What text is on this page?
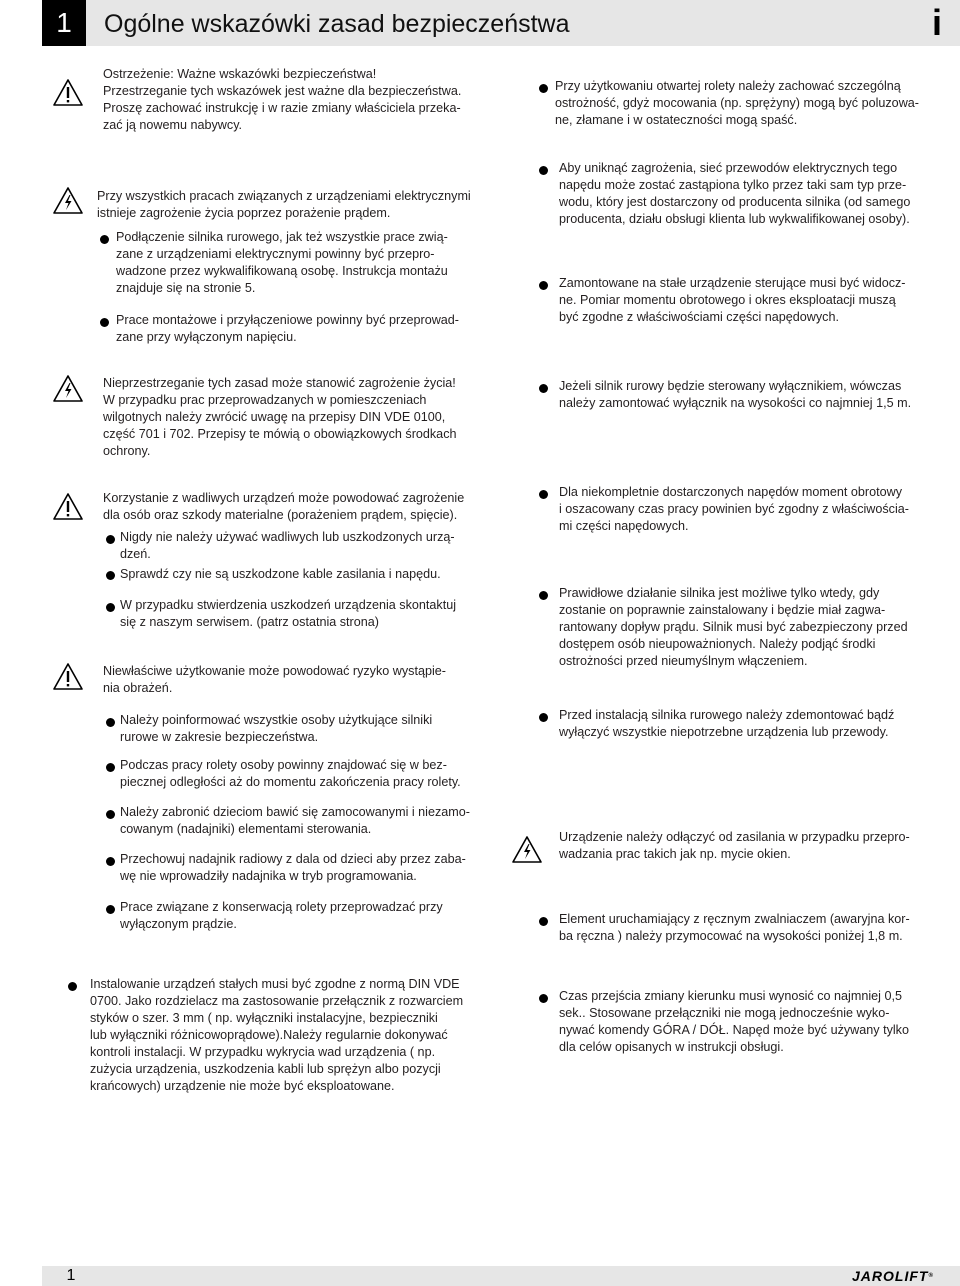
1	Ogólne wskazówki zasad bezpieczeństwa	i

Ostrzeżenie: Ważne wskazówki bezpieczeństwa!

Przestrzeganie tych wskazówek jest ważne dla bezpieczeństwa.

Proszę zachować instrukcję i w razie zmiany właściciela przeka-

zać ją nowemu nabywcy.

Przy wszystkich pracach związanych z urządzeniami elektrycznymi

istnieje zagrożenie życia poprzez porażenie prądem.

Podłączenie silnika rurowego, jak też wszystkie prace zwią-

zane z urządzeniami elektrycznymi powinny być przepro-

wadzone przez wykwalifikowaną osobę. Instrukcja montażu

znajduje się na stronie 5.

Prace montażowe i przyłączeniowe powinny być przeprowad-

zane przy wyłączonym napięciu.

Nieprzestrzeganie tych zasad może stanowić zagrożenie życia!

W przypadku prac przeprowadzanych w pomieszczeniach

wilgotnych należy zwrócić uwagę na przepisy DIN VDE 0100,

część 701 i 702. Przepisy te mówią o obowiązkowych środkach

ochrony.

Korzystanie z wadliwych urządzeń może powodować zagrożenie

dla osób oraz szkody materialne (porażeniem prądem, spięcie).

Nigdy nie należy używać wadliwych lub uszkodzonych urzą-

dzeń.

Sprawdź czy nie są uszkodzone kable zasilania i napędu.

W przypadku stwierdzenia uszkodzeń urządzenia skontaktuj

się z naszym serwisem. (patrz ostatnia strona)

Niewłaściwe użytkowanie może powodować ryzyko wystąpie-

nia obrażeń.

Należy poinformować wszystkie osoby użytkujące silniki

rurowe w zakresie bezpieczeństwa.

Podczas pracy rolety osoby powinny znajdować się w bez-

piecznej odległości aż do momentu zakończenia pracy rolety.

Należy zabronić dzieciom bawić się zamocowanymi i niezamo-

cowanym (nadajniki) elementami sterowania.

Przechowuj nadajnik radiowy z dala od dzieci aby przez zaba-

wę nie wprowadziły nadajnika w tryb programowania.

Prace związane z konserwacją rolety przeprowadzać przy

wyłączonym prądzie.

Instalowanie urządzeń stałych musi być zgodne z normą DIN VDE

0700. Jako rozdzielacz ma zastosowanie przełącznik z rozwarciem

styków o szer. 3 mm ( np. wyłączniki instalacyjne, bezpieczniki

lub wyłączniki różnicowoprądowe).Należy regularnie dokonywać

kontroli instalacji. W przypadku wykrycia wad urządzenia ( np.

zużycia urządzenia, uszkodzenia kabli lub sprężyn albo pozycji

krańcowych) urządzenie nie może być eksploatowane.

Przy użytkowaniu otwartej rolety należy zachować szczególną

ostrożność, gdyż mocowania (np. sprężyny) mogą być poluzowa-

ne, złamane i w ostateczności mogą spaść.

Aby uniknąć zagrożenia, sieć przewodów elektrycznych tego

napędu może zostać zastąpiona tylko przez taki sam typ prze-

wodu, który jest dostarczony od producenta silnika (od samego

producenta, działu obsługi klienta lub wykwalifikowanej osoby).

Zamontowane na stałe urządzenie sterujące musi być widocz-

ne. Pomiar momentu obrotowego i okres eksploatacji muszą

być zgodne z właściwościami części napędowych.

Jeżeli silnik rurowy będzie sterowany wyłącznikiem, wówczas

należy zamontować wyłącznik na wysokości co najmniej 1,5 m.

Dla niekompletnie dostarczonych napędów moment obrotowy

i oszacowany czas pracy powinien być zgodny z właściwościa-

mi części napędowych.

Prawidłowe działanie silnika jest możliwe tylko wtedy, gdy

zostanie on poprawnie zainstalowany i będzie miał zagwa-

rantowany dopływ prądu. Silnik musi być zabezpieczony przed

dostępem osób nieupoważnionych. Należy podjąć środki

ostrożności przed nieumyślnym włączeniem.

Przed instalacją silnika rurowego należy zdemontować bądź

wyłączyć wszystkie niepotrzebne urządzenia lub przewody.

Urządzenie należy odłączyć od zasilania w przypadku przepro-

wadzania prac takich jak np. mycie okien.

Element uruchamiający z ręcznym zwalniaczem (awaryjna kor-

ba ręczna ) należy przymocować na wysokości poniżej 1,8 m.

Czas przejścia zmiany kierunku musi wynosić co najmniej 0,5

sek.. Stosowane przełączniki nie mogą jednocześnie wyko-

nywać komendy GÓRA / DÓŁ. Napęd może być używany tylko

dla celów opisanych w instrukcji obsługi.

1	JAROLIFT®
